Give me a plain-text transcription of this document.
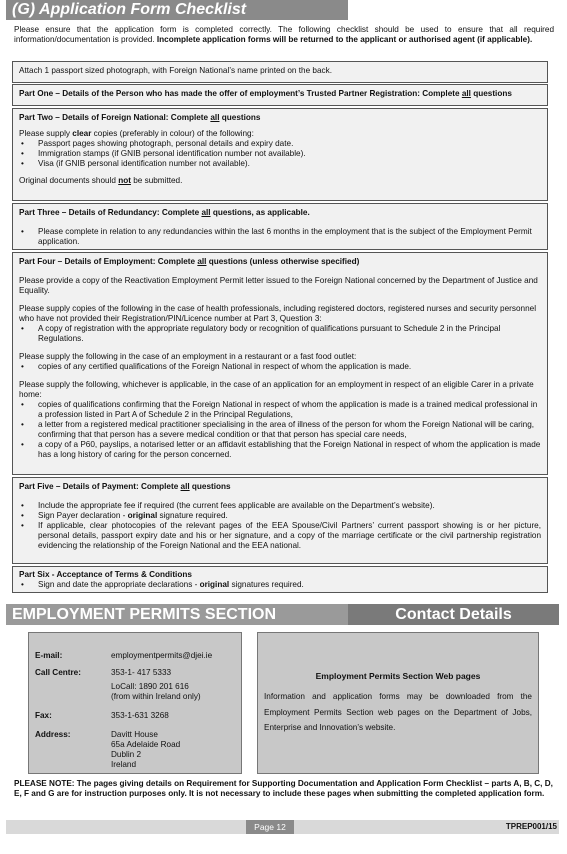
(G) Application Form Checklist
Please ensure that the application form is completed correctly. The following checklist should be used to ensure that all required information/documentation is provided. Incomplete application forms will be returned to the applicant or authorised agent (if applicable).
Attach 1 passport sized photograph, with Foreign National’s name printed on the back.
Part One – Details of the Person who has made the offer of employment’s Trusted Partner Registration: Complete all questions
Part Two – Details of Foreign National: Complete all questions

Please supply clear copies (preferably in colour) of the following:

• Passport pages showing photograph, personal details and expiry date.
• Immigration stamps (if GNIB personal identification number not available).
• Visa (if GNIB personal identification number not available).

Original documents should not be submitted.

Part Three – Details of Redundancy: Complete all questions, as applicable.
• Please complete in relation to any redundancies within the last 6 months in the employment that is the subject of the Employment Permit application.
Part Four – Details of Employment: Complete all questions (unless otherwise specified)

Please provide a copy of the Reactivation Employment Permit letter issued to the Foreign National concerned by the Department of Justice and Equality.

Please supply copies of the following in the case of health professionals, including registered doctors, registered nurses and security personnel who have not provided their Registration/PIN/Licence number at Part 3, Question 3:

• A copy of registration with the appropriate regulatory body or recognition of qualifications pursuant to Schedule 2 in the Principal Regulations.

Please supply the following in the case of an employment in a restaurant or a fast food outlet:

• copies of any certified qualifications of the Foreign National in respect of whom the application is made.

Please supply the following, whichever is applicable, in the case of an application for an employment in respect of an eligible Carer in a private home:

• copies of qualifications confirming that the Foreign National in respect of whom the application is made is a trained medical professional in a profession listed in Part A of Schedule 2 in the Principal Regulations,
• a letter from a registered medical practitioner specialising in the area of illness of the person for whom the Foreign National will be caring, confirming that that person has a severe medical condition or that that person has special care needs,
• a copy of a P60, payslips, a notarised letter or an affidavit establishing that the Foreign National in respect of whom the application is made has a long history of caring for the person concerned.
Part Five – Details of Payment: Complete all questions
• Include the appropriate fee if required (the current fees applicable are available on the Department’s website).
• Sign Payer declaration - original signature required.
• If applicable, clear photocopies of the relevant pages of the EEA Spouse/Civil Partners’ current passport showing is or her picture, personal details, passport expiry date and his or her signature, and a copy of the marriage certificate or the civil partnership registration evidencing the relationship of the Foreign National and the EEA national.
Part Six - Acceptance of Terms & Conditions
• Sign and date the appropriate declarations - original signatures required.
EMPLOYMENT PERMITS SECTION	Contact Details
E-mail:	employmentpermits@djei.ie
Call Centre:	353-1- 417 5333
LoCall: 1890 201 616
(from within Ireland only)
Fax:	353-1-631 3268
Address:	Davitt House
65a Adelaide Road
Dublin 2
Ireland
Employment Permits Section Web pages
Information and application forms may be downloaded from the Employment Permits Section web pages on the Department of Jobs, Enterprise and Innovation’s website.
PLEASE NOTE: The pages giving details on Requirement for Supporting Documentation and Application Form Checklist – parts A, B, C, D, E, F and G are for instruction purposes only. It is not necessary to include these pages when submitting the completed application form.
Page 12	TPREP001/15
